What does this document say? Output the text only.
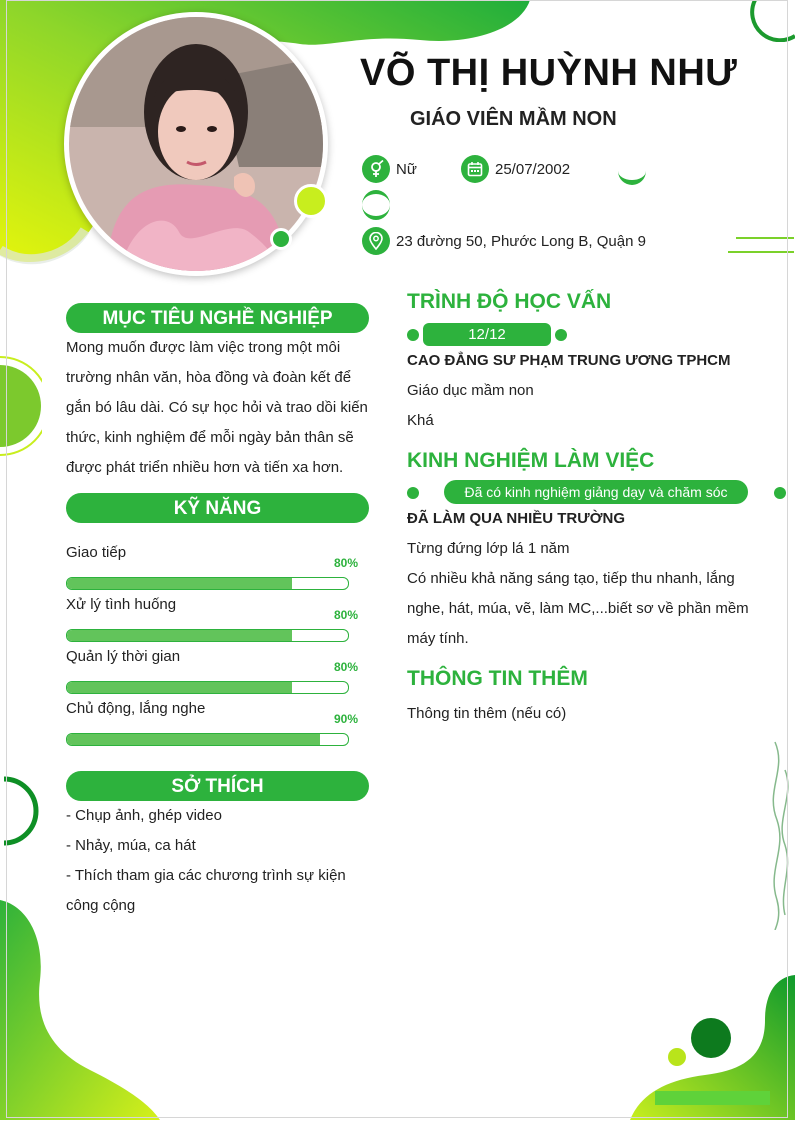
VÕ THỊ HUỲNH NHƯ
GIÁO VIÊN MẦM NON
Nữ	25/07/2002
23 đường 50, Phước Long B, Quận 9
MỤC TIÊU NGHỀ NGHIỆP
Mong muốn được làm việc trong một môi
trường nhân văn, hòa đồng và đoàn kết để
gắn bó lâu dài. Có sự học hỏi và trao dồi kiến
thức, kinh nghiệm để mỗi ngày bản thân sẽ
được phát triển nhiều hơn và tiến xa hơn.
KỸ NĂNG
Giao tiếp
80%
Xử lý tình huống
80%
Quản lý thời gian
80%
Chủ động, lắng nghe
90%
SỞ THÍCH
- Chụp ảnh, ghép video
- Nhảy, múa, ca hát
- Thích tham gia các chương trình sự kiện
công cộng
TRÌNH ĐỘ HỌC VẤN
12/12
CAO ĐẲNG SƯ PHẠM TRUNG ƯƠNG TPHCM
Giáo dục mầm non
Khá
KINH NGHIỆM LÀM VIỆC
Đã có kinh nghiệm giảng dạy và chăm sóc
ĐÃ LÀM QUA NHIỀU TRƯỜNG
Từng đứng lớp lá 1 năm
Có nhiều khả năng sáng tạo, tiếp thu nhanh, lắng
nghe, hát, múa, vẽ, làm MC,...biết sơ về phần mềm
máy tính.
THÔNG TIN THÊM
Thông tin thêm (nếu có)
